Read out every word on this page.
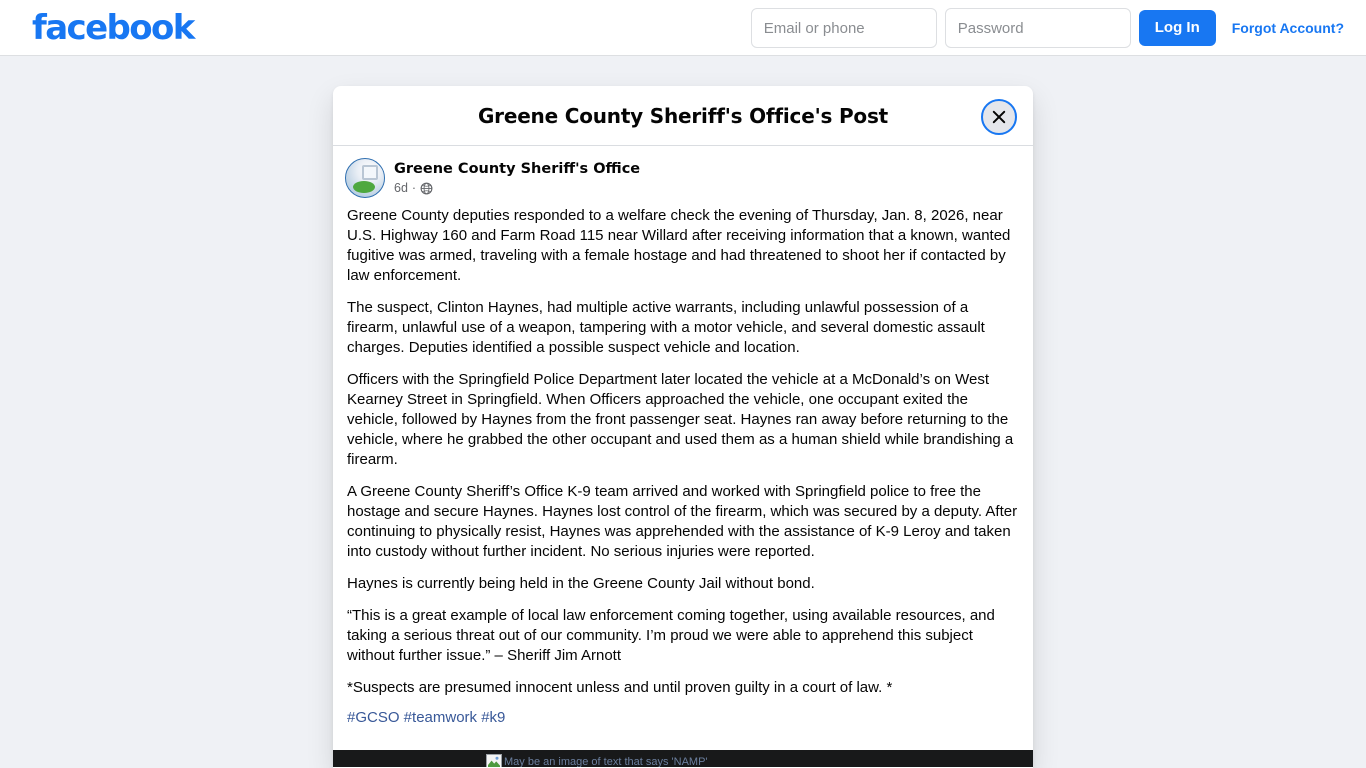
facebook
Email or phone	Log In	Forgot Account?
Greene County Sheriff's Office's Post
Greene County Sheriff's Office
6d ·

Greene County deputies responded to a welfare check the evening of Thursday, Jan. 8, 2026, near U.S. Highway 160 and Farm Road 115 near Willard after receiving information that a known, wanted fugitive was armed, traveling with a female hostage and had threatened to shoot her if contacted by law enforcement.

The suspect, Clinton Haynes, had multiple active warrants, including unlawful possession of a firearm, unlawful use of a weapon, tampering with a motor vehicle, and several domestic assault charges. Deputies identified a possible suspect vehicle and location.

Officers with the Springfield Police Department later located the vehicle at a McDonald’s on West Kearney Street in Springfield. When Officers approached the vehicle, one occupant exited the vehicle, followed by Haynes from the front passenger seat. Haynes ran away before returning to the vehicle, where he grabbed the other occupant and used them as a human shield while brandishing a firearm.

A Greene County Sheriff’s Office K-9 team arrived and worked with Springfield police to free the hostage and secure Haynes. Haynes lost control of the firearm, which was secured by a deputy. After continuing to physically resist, Haynes was apprehended with the assistance of K-9 Leroy and taken into custody without further incident. No serious injuries were reported.

Haynes is currently being held in the Greene County Jail without bond.

“This is a great example of local law enforcement coming together, using available resources, and taking a serious threat out of our community. I’m proud we were able to apprehend this subject without further issue.” – Sheriff Jim Arnott

*Suspects are presumed innocent unless and until proven guilty in a court of law. *

#GCSO #teamwork #k9
May be an image of text that says 'NAMP'
